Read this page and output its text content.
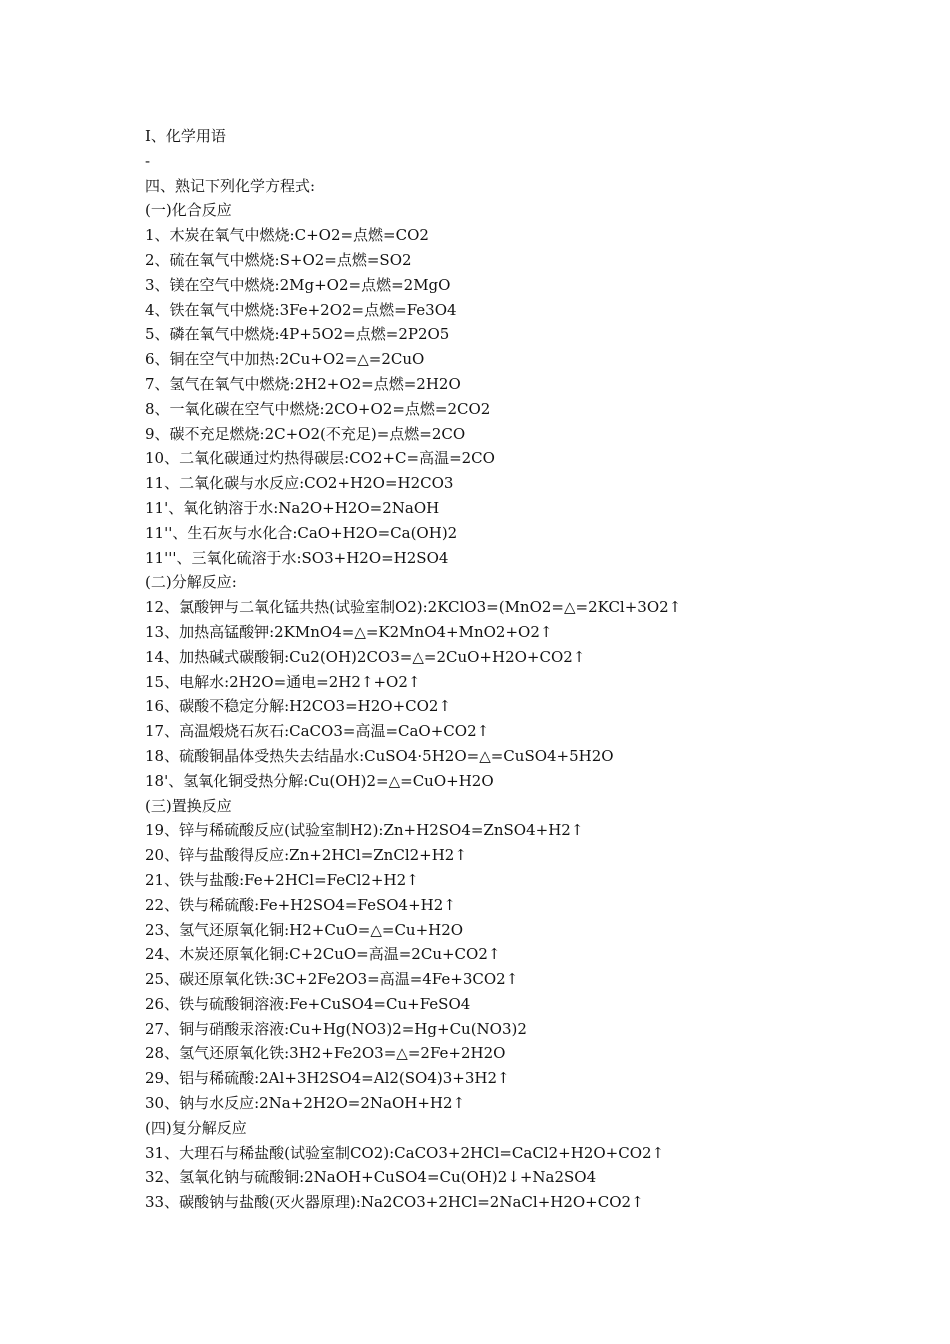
Ⅰ、化学用语

-

四、熟记下列化学方程式:

(一)化合反应

1、木炭在氧气中燃烧:C+O2=点燃=CO2

2、硫在氧气中燃烧:S+O2=点燃=SO2

3、镁在空气中燃烧:2Mg+O2=点燃=2MgO

4、铁在氧气中燃烧:3Fe+2O2=点燃=Fe3O4

5、磷在氧气中燃烧:4P+5O2=点燃=2P2O5

6、铜在空气中加热:2Cu+O2=△=2CuO

7、氢气在氧气中燃烧:2H2+O2=点燃=2H2O

8、一氧化碳在空气中燃烧:2CO+O2=点燃=2CO2

9、碳不充足燃烧:2C+O2(不充足)=点燃=2CO

10、二氧化碳通过灼热得碳层:CO2+C=高温=2CO

11、二氧化碳与水反应:CO2+H2O=H2CO3

11'、氧化钠溶于水:Na2O+H2O=2NaOH

11''、生石灰与水化合:CaO+H2O=Ca(OH)2

11'''、三氧化硫溶于水:SO3+H2O=H2SO4

(二)分解反应:

12、氯酸钾与二氧化锰共热(试验室制O2):2KClO3=(MnO2=△=2KCl+3O2↑

13、加热高锰酸钾:2KMnO4=△=K2MnO4+MnO2+O2↑

14、加热碱式碳酸铜:Cu2(OH)2CO3=△=2CuO+H2O+CO2↑

15、电解水:2H2O=通电=2H2↑+O2↑

16、碳酸不稳定分解:H2CO3=H2O+CO2↑

17、高温煅烧石灰石:CaCO3=高温=CaO+CO2↑

18、硫酸铜晶体受热失去结晶水:CuSO4·5H2O=△=CuSO4+5H2O

18'、氢氧化铜受热分解:Cu(OH)2=△=CuO+H2O

(三)置换反应

19、锌与稀硫酸反应(试验室制H2):Zn+H2SO4=ZnSO4+H2↑

20、锌与盐酸得反应:Zn+2HCl=ZnCl2+H2↑

21、铁与盐酸:Fe+2HCl=FeCl2+H2↑

22、铁与稀硫酸:Fe+H2SO4=FeSO4+H2↑

23、氢气还原氧化铜:H2+CuO=△=Cu+H2O

24、木炭还原氧化铜:C+2CuO=高温=2Cu+CO2↑

25、碳还原氧化铁:3C+2Fe2O3=高温=4Fe+3CO2↑

26、铁与硫酸铜溶液:Fe+CuSO4=Cu+FeSO4

27、铜与硝酸汞溶液:Cu+Hg(NO3)2=Hg+Cu(NO3)2

28、氢气还原氧化铁:3H2+Fe2O3=△=2Fe+2H2O

29、铝与稀硫酸:2Al+3H2SO4=Al2(SO4)3+3H2↑

30、钠与水反应:2Na+2H2O=2NaOH+H2↑

(四)复分解反应

31、大理石与稀盐酸(试验室制CO2):CaCO3+2HCl=CaCl2+H2O+CO2↑

32、氢氧化钠与硫酸铜:2NaOH+CuSO4=Cu(OH)2↓+Na2SO4

33、碳酸钠与盐酸(灭火器原理):Na2CO3+2HCl=2NaCl+H2O+CO2↑
